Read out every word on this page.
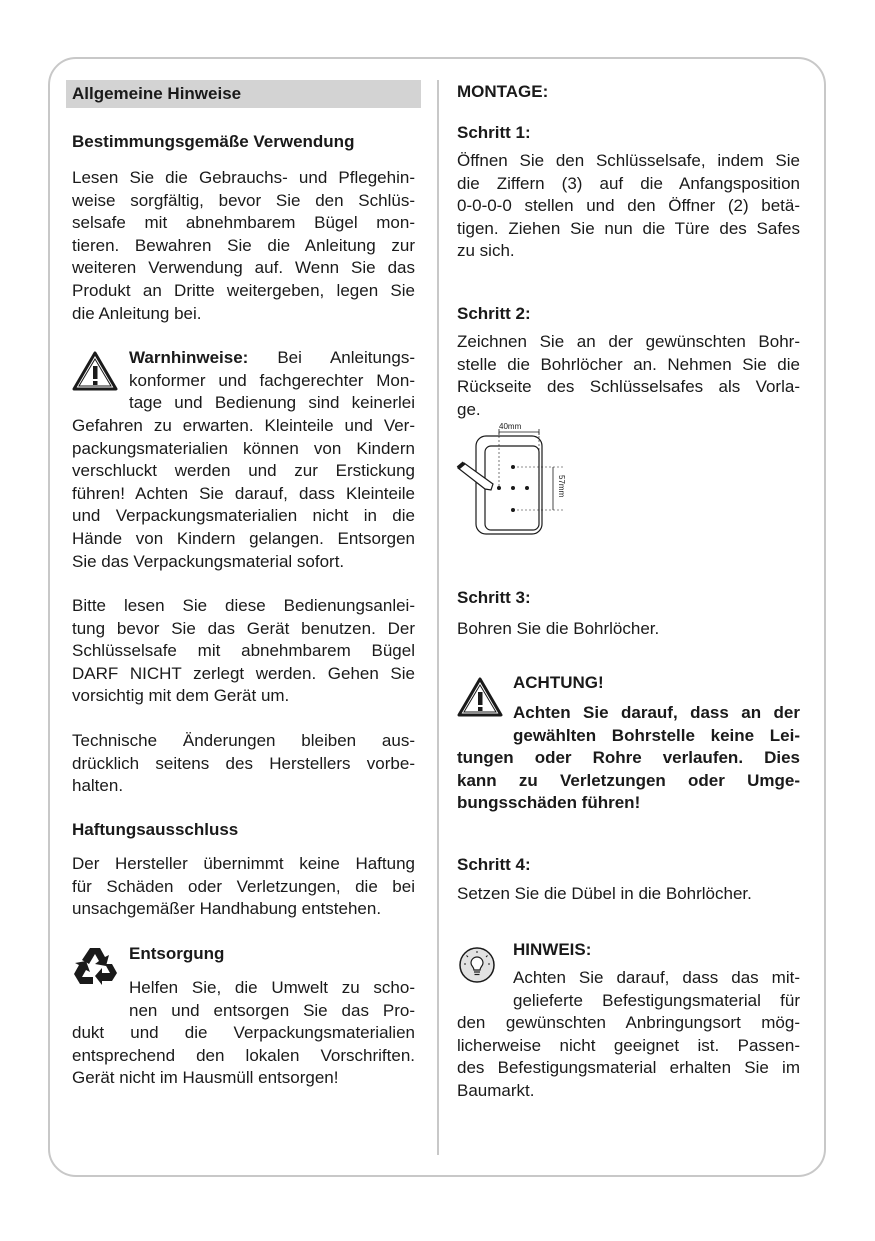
Allgemeine Hinweise
Bestimmungsgemäße Verwendung
Lesen Sie die Gebrauchs- und Pflegehin-
weise sorgfältig, bevor Sie den Schlüs-
selsafe mit abnehmbarem Bügel mon-
tieren. Bewahren Sie die Anleitung zur
weiteren Verwendung auf. Wenn Sie das
Produkt an Dritte weitergeben, legen Sie
die Anleitung bei.
Warnhinweise: Bei Anleitungs-
konformer und fachgerechter Mon-
tage und Bedienung sind keinerlei
Gefahren zu erwarten. Kleinteile und Ver-
packungsmaterialien können von Kindern
verschluckt werden und zur Erstickung
führen! Achten Sie darauf, dass Kleinteile
und Verpackungsmaterialien nicht in die
Hände von Kindern gelangen. Entsorgen
Sie das Verpackungsmaterial sofort.
Bitte lesen Sie diese Bedienungsanlei-
tung bevor Sie das Gerät benutzen. Der
Schlüsselsafe mit abnehmbarem Bügel
DARF NICHT zerlegt werden. Gehen Sie
vorsichtig mit dem Gerät um.
Technische Änderungen bleiben aus-
drücklich seitens des Herstellers vorbe-
halten.
Haftungsausschluss
Der Hersteller übernimmt keine Haftung
für Schäden oder Verletzungen, die bei
unsachgemäßer Handhabung entstehen.
Entsorgung
Helfen Sie, die Umwelt zu scho-
nen und entsorgen Sie das Pro-
dukt und die Verpackungsmaterialien
entsprechend den lokalen Vorschriften.
Gerät nicht im Hausmüll entsorgen!
MONTAGE:
Schritt 1:
Öffnen Sie den Schlüsselsafe, indem Sie
die Ziffern (3) auf die Anfangsposition
0-0-0-0 stellen und den Öffner (2) betä-
tigen. Ziehen Sie nun die Türe des Safes
zu sich.
Schritt 2:
Zeichnen Sie an der gewünschten Bohr-
stelle die Bohrlöcher an. Nehmen Sie die
Rückseite des Schlüsselsafes als Vorla-
ge.
40mm
57mm
Schritt 3:
Bohren Sie die Bohrlöcher.
ACHTUNG!
Achten Sie darauf, dass an der
gewählten Bohrstelle keine Lei-
tungen oder Rohre verlaufen. Dies
kann zu Verletzungen oder Umge-
bungsschäden führen!
Schritt 4:
Setzen Sie die Dübel in die Bohrlöcher.
HINWEIS:
Achten Sie darauf, dass das mit-
gelieferte Befestigungsmaterial für
den gewünschten Anbringungsort mög-
licherweise nicht geeignet ist. Passen-
des Befestigungsmaterial erhalten Sie im
Baumarkt.
